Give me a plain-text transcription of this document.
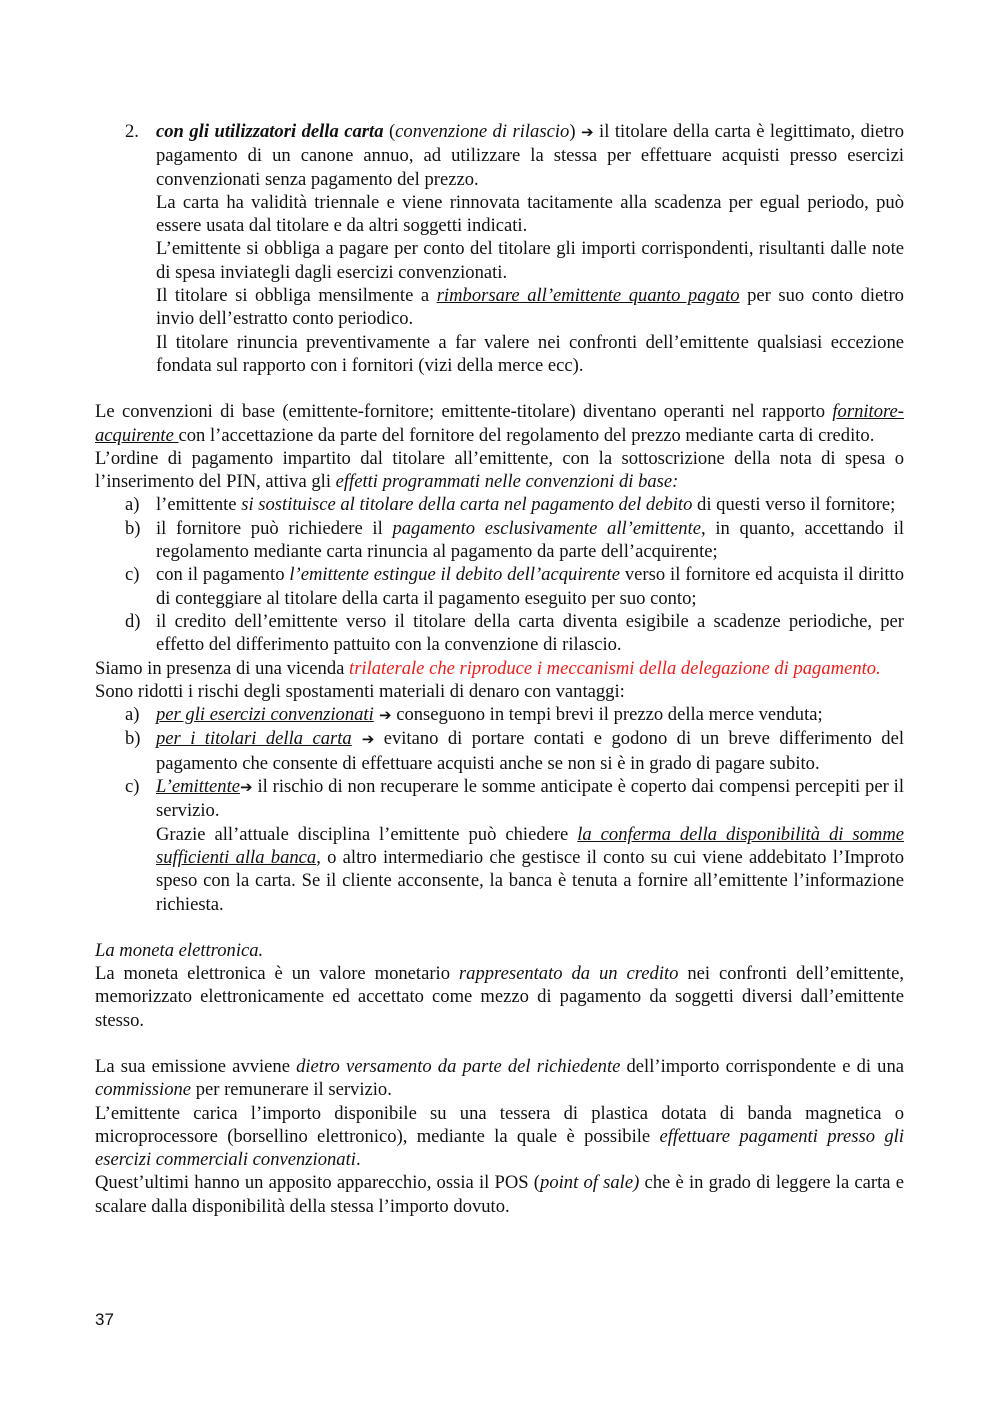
2. con gli utilizzatori della carta (convenzione di rilascio) ➔ il titolare della carta è legittimato, dietro pagamento di un canone annuo, ad utilizzare la stessa per effettuare acquisti presso esercizi convenzionati senza pagamento del prezzo.

La carta ha validità triennale e viene rinnovata tacitamente alla scadenza per egual periodo, può essere usata dal titolare e da altri soggetti indicati.

L’emittente si obbliga a pagare per conto del titolare gli importi corrispondenti, risultanti dalle note di spesa inviategli dagli esercizi convenzionati.

Il titolare si obbliga mensilmente a rimborsare all’emittente quanto pagato per suo conto dietro invio dell’estratto conto periodico.

Il titolare rinuncia preventivamente a far valere nei confronti dell’emittente qualsiasi eccezione fondata sul rapporto con i fornitori (vizi della merce ecc).

Le convenzioni di base (emittente-fornitore; emittente-titolare) diventano operanti nel rapporto fornitore-acquirente con l’accettazione da parte del fornitore del regolamento del prezzo mediante carta di credito.

L’ordine di pagamento impartito dal titolare all’emittente, con la sottoscrizione della nota di spesa o l’inserimento del PIN, attiva gli effetti programmati nelle convenzioni di base:

a) l’emittente si sostituisce al titolare della carta nel pagamento del debito di questi verso il fornitore;

b) il fornitore può richiedere il pagamento esclusivamente all’emittente, in quanto, accettando il regolamento mediante carta rinuncia al pagamento da parte dell’acquirente;

c) con il pagamento l’emittente estingue il debito dell’acquirente verso il fornitore ed acquista il diritto di conteggiare al titolare della carta il pagamento eseguito per suo conto;

d) il credito dell’emittente verso il titolare della carta diventa esigibile a scadenze periodiche, per effetto del differimento pattuito con la convenzione di rilascio.

Siamo in presenza di una vicenda trilaterale che riproduce i meccanismi della delegazione di pagamento.

Sono ridotti i rischi degli spostamenti materiali di denaro con vantaggi:

a) per gli esercizi convenzionati ➔ conseguono in tempi brevi il prezzo della merce venduta;

b) per i titolari della carta ➔ evitano di portare contati e godono di un breve differimento del pagamento che consente di effettuare acquisti anche se non si è in grado di pagare subito.

c) L’emittente➔ il rischio di non recuperare le somme anticipate è coperto dai compensi percepiti per il servizio.

Grazie all’attuale disciplina l’emittente può chiedere la conferma della disponibilità di somme sufficienti alla banca, o altro intermediario che gestisce il conto su cui viene addebitato l’Improto speso con la carta. Se il cliente acconsente, la banca è tenuta a fornire all’emittente l’informazione richiesta.

La moneta elettronica.

La moneta elettronica è un valore monetario rappresentato da un credito nei confronti dell’emittente, memorizzato elettronicamente ed accettato come mezzo di pagamento da soggetti diversi dall’emittente stesso.

La sua emissione avviene dietro versamento da parte del richiedente dell’importo corrispondente e di una commissione per remunerare il servizio.

L’emittente carica l’importo disponibile su una tessera di plastica dotata di banda magnetica o microprocessore (borsellino elettronico), mediante la quale è possibile effettuare pagamenti presso gli esercizi commerciali convenzionati.

Quest’ultimi hanno un apposito apparecchio, ossia il POS (point of sale) che è in grado di leggere la carta e scalare dalla disponibilità della stessa l’importo dovuto.

37
